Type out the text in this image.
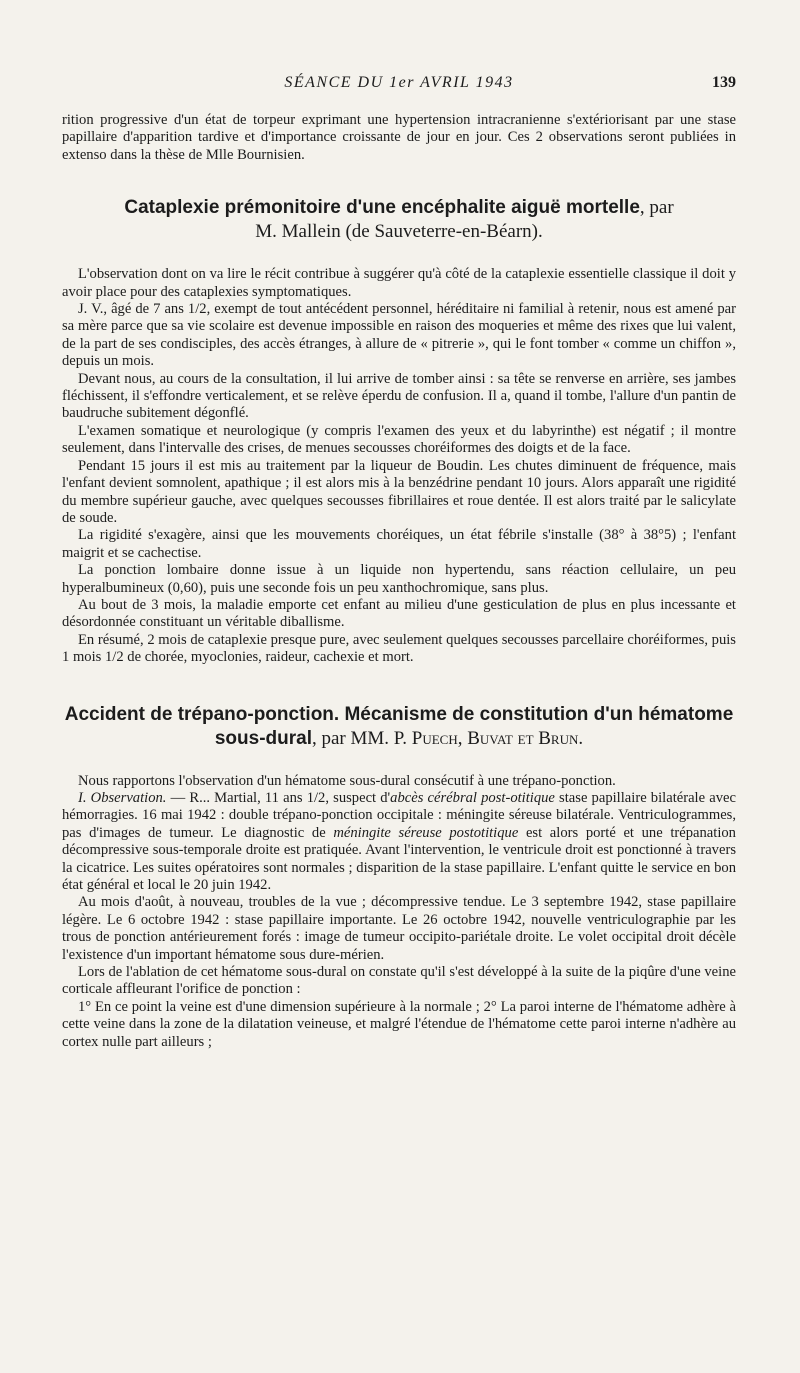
SÉANCE DU 1er AVRIL 1943	139

rition progressive d'un état de torpeur exprimant une hypertension intracranienne s'extériorisant par une stase papillaire d'apparition tardive et d'importance croissante de jour en jour. Ces 2 observations seront publiées in extenso dans la thèse de Mlle Bournisien.

Cataplexie prémonitoire d'une encéphalite aiguë mortelle, par
M. Mallein (de Sauveterre-en-Béarn).

L'observation dont on va lire le récit contribue à suggérer qu'à côté de la cataplexie essentielle classique il doit y avoir place pour des cataplexies symptomatiques.

J. V., âgé de 7 ans 1/2, exempt de tout antécédent personnel, héréditaire ni familial à retenir, nous est amené par sa mère parce que sa vie scolaire est devenue impossible en raison des moqueries et même des rixes que lui valent, de la part de ses condisciples, des accès étranges, à allure de « pitrerie », qui le font tomber « comme un chiffon », depuis un mois.

Devant nous, au cours de la consultation, il lui arrive de tomber ainsi : sa tête se renverse en arrière, ses jambes fléchissent, il s'effondre verticalement, et se relève éperdu de confusion. Il a, quand il tombe, l'allure d'un pantin de baudruche subitement dégonflé.

L'examen somatique et neurologique (y compris l'examen des yeux et du labyrinthe) est négatif ; il montre seulement, dans l'intervalle des crises, de menues secousses choréiformes des doigts et de la face.

Pendant 15 jours il est mis au traitement par la liqueur de Boudin. Les chutes diminuent de fréquence, mais l'enfant devient somnolent, apathique ; il est alors mis à la benzédrine pendant 10 jours. Alors apparaît une rigidité du membre supérieur gauche, avec quelques secousses fibrillaires et roue dentée. Il est alors traité par le salicylate de soude.

La rigidité s'exagère, ainsi que les mouvements choréiques, un état fébrile s'installe (38° à 38°5) ; l'enfant maigrit et se cachectise.

La ponction lombaire donne issue à un liquide non hypertendu, sans réaction cellulaire, un peu hyperalbumineux (0,60), puis une seconde fois un peu xanthochromique, sans plus.

Au bout de 3 mois, la maladie emporte cet enfant au milieu d'une gesticulation de plus en plus incessante et désordonnée constituant un véritable diballisme.

En résumé, 2 mois de cataplexie presque pure, avec seulement quelques secousses parcellaire choréiformes, puis 1 mois 1/2 de chorée, myoclonies, raideur, cachexie et mort.

Accident de trépano-ponction. Mécanisme de constitution d'un hématome sous-dural, par MM. P. Puech, Buvat et Brun.

Nous rapportons l'observation d'un hématome sous-dural consécutif à une trépano-ponction.

I. Observation. — R... Martial, 11 ans 1/2, suspect d'abcès cérébral post-otitique stase papillaire bilatérale avec hémorragies. 16 mai 1942 : double trépano-ponction occipitale : méningite séreuse bilatérale. Ventriculogrammes, pas d'images de tumeur. Le diagnostic de méningite séreuse postotitique est alors porté et une trépanation décompressive sous-temporale droite est pratiquée. Avant l'intervention, le ventricule droit est ponctionné à travers la cicatrice. Les suites opératoires sont normales ; disparition de la stase papillaire. L'enfant quitte le service en bon état général et local le 20 juin 1942.

Au mois d'août, à nouveau, troubles de la vue ; décompressive tendue. Le 3 septembre 1942, stase papillaire légère. Le 6 octobre 1942 : stase papillaire importante. Le 26 octobre 1942, nouvelle ventriculographie par les trous de ponction antérieurement forés : image de tumeur occipito-pariétale droite. Le volet occipital droit décèle l'existence d'un important hématome sous dure-mérien.

Lors de l'ablation de cet hématome sous-dural on constate qu'il s'est développé à la suite de la piqûre d'une veine corticale affleurant l'orifice de ponction :

1° En ce point la veine est d'une dimension supérieure à la normale ; 2° La paroi interne de l'hématome adhère à cette veine dans la zone de la dilatation veineuse, et malgré l'étendue de l'hématome cette paroi interne n'adhère au cortex nulle part ailleurs ;
